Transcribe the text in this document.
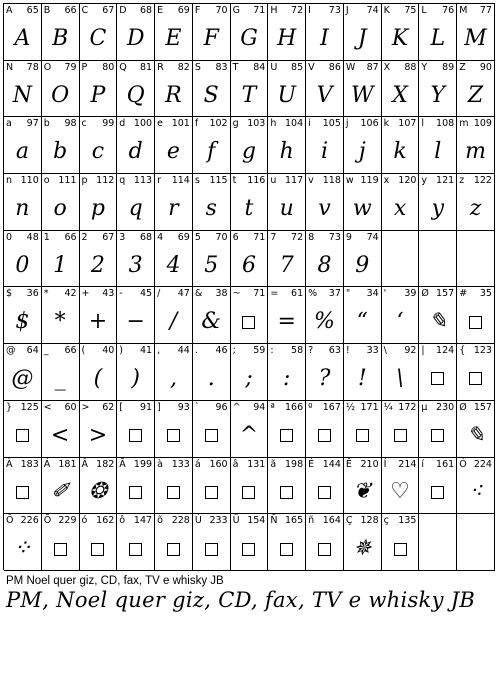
A 65
A
B 66
B
C 67
C
D 68
D
E 69
E
F 70
F
G 71
G
H 72
H
I 73
I
J 74
J
K 75
K
L 76
L
M 77
M
N 78
N
O 79
O
P 80
P
Q 81
Q
R 82
R
S 83
S
T 84
T
U 85
U
V 86
V
W 87
W
X 88
X
Y 89
Y
Z 90
Z
a 97
a
b 98
b
c 99
c
d 100
d
e 101
e
f 102
f
g 103
g
h 104
h
i 105
i
j 106
j
k 107
k
l 108
l
m 109
m
n 110
n
o 111
o
p 112
p
q 113
q
r 114
r
s 115
s
t 116
t
u 117
u
v 118
v
w 119
w
x 120
x
y 121
y
z 122
z
0 48
0
1 66
1
2 67
2
3 68
3
4 69
4
5 70
5
6 71
6
7 72
7
8 73
8
9 74
9
$ 36
$
* 42
*
+ 43
+
- 45
−
/ 47
/
& 38
&
~ 71 = 61
=
% 37
%
" 34
“
' 39
‘
Ø 157
✎
# 35
@ 64
@
_ 66
_
( 40
(
) 41
)
, 44
,
. 46
.
; 59
;
: 58
:
? 63
?
! 33
!
\ 92
\
| 124 { 123
} 125 < 60
<
> 62
>
[ 91 ] 93 ` 96 ^ 94
^
ª 166 º 167 ½ 171 ¼ 172 µ 230 Ø 157
✎
À 183 Á 181
✐
Â 182
❂
Ã 199 à 133 á 160 â 131 ã 198 É 144 Ê 210
❦
Í 214
♡
í 161 Ó 224
⁖
Ô 226
⁘
Õ 229 ó 162 ô 147 õ 228 Ú 233 Ü 154 Ñ 165 ñ 164 Ç 128
✵
ç 135
PM Noel quer giz, CD, fax, TV e whisky JB
PM, Noel quer giz, CD, fax, TV e whisky JB
